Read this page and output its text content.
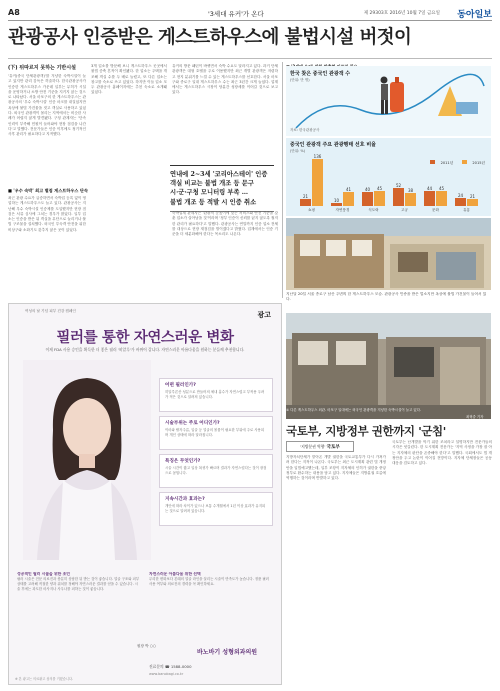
A8	'3세대 유커'가 온다	제 29303호 2016년 10월 7일 금요일 동아일보
관광공사 인증받은 게스트하우스에 불법시설 버젓이
(下) 뒤따르지 못하는 기반시설
'유커(중국 단체관광객)'를 겨냥한 숙박시설이 늘고 있지만 관리 감독은 허술하다. 한국관광공사가 인증한 게스트하우스 가운데 일부는 무허가 시설을 운영하거나 소방 안전 기준을 지키지 않는 것으로 나타났다. 서울 마포구의 한 게스트하우스는 관광공사의 '우수 숙박시설' 인증 마크를 내걸었지만 옥상에 불법 가건물을 짓고 객실로 사용하고 있었다. 외국인 관광객이 몰리는 지역에서는 비슷한 사례가 어렵지 않게 발견됐다. 구청 관계자는 '단속 인력이 부족해 민원이 들어와야 현장 점검을 나간다'고 말했다. 전문가들은 인증 이후에도 정기적인 사후 관리가 필요하다고 지적했다.
■ '우수 숙박' 최고 별점 게스트하우스 단속
최근 관광 수요가 급증하면서 숙박업 등록 없이 영업하는 게스트하우스도 늘고 있다. 관광공사는 지난해 우수 숙박시설 인증제를 도입했지만 현장 점검은 서류 심사에 그치는 경우가 많았다. 일부 업소는 인증을 받은 뒤 객실을 무단으로 늘리거나 불법 구조물을 설치했다. 외국인 투숙객 안전을 위한 비상구와 소화기도 갖추지 않은 곳이 있었다.
3개 업소를 방문해 보니 게스트하우스 곳곳에서 불법 증축 흔적이 확인됐다. 한 업소는 주택을 개조해 객실 수를 두 배로 늘렸고, 또 다른 업소는 창고를 숙소로 쓰고 있었다. 하지만 이들 업소 모두 관광공사 홈페이지에는 추천 숙소로 소개돼 있었다.
유커의 방문 패턴이 바뀌면서 숙박 수요도 달라지고 있다. 과거 단체관광객은 대형 호텔을 주로 이용했지만 최근 개별 관광객은 저렴하고 현지 분위기를 느낄 수 있는 게스트하우스를 선호한다. 서울 마포구와 종로구 일대 게스트하우스 수는 최근 3년간 크게 늘었다. 업계에서는 게스트하우스 시장이 당분간 성장세를 이어갈 것으로 보고 있다.

연내에 2~3세 '코리아스테이' 인증

객실 비교는 불법 개조 등 문구

시·군·구청 모니터링 부족 …

불법 개조 등 적발 시 인증 취소

숙박업계 관계자는 '관광객 눈높이에 맞는 서비스와 안전 기준을 갖춘 업소가 살아남을 것'이라며 '정부 인증이 신뢰를 잃지 않도록 철저한 관리가 필요하다'고 말했다. 관광공사는 연말까지 인증 업소 전체를 대상으로 현장 재점검을 벌이겠다고 밝혔다. 업계에서는 인증 기준을 더 세분화해야 한다는 목소리도 나온다.
한국 찾은 중국인 관광객 수
(단위: 만 명)
자료: 한국관광공사
중국인 관광객 주요 관광행태 선호 비율
(단위: %)
2011년	2015년
21
136
쇼핑
10
41
자연풍경
40	45
식도락
52
38
고궁
44	45
문화
24	21
유흥
지난달 20일 서울 종로구 남산 주변의 한 게스트하우스 모습. 관광공사 인증을 받은 업소지만 옥상에 불법 가건물이 들어서 있다.
① 다른 게스트하우스 외관. 마포구 일대에는 외국인 관광객을 겨냥한 숙박시설이 늘고 있다.
최혁중 기자
광고
여성의 날 기념 피부 건강 캠페인
필러를 통한 자연스러운 변화
이제 FDA 사용 승인을 획득한 더 좋은 필러 '히알루'가 바뀌어 갑니다. 자연스러운 아름다움을 원하는 분들께 추천합니다.
어떤 필러인가?
히알루론산 성분으로 만들어져 체내 흡수가 자연스럽고 부작용 우려가 적은 것으로 알려져 있습니다.
시술부위는 주로 어디인가?
이마와 팔자주름, 입술 등 얼굴의 볼륨이 필요한 부위에 주로 사용되며 개인 상태에 따라 달라집니다.
특징은 무엇인가?
시술 시간이 짧고 일상 복귀가 빠르며 결과가 자연스럽다는 것이 장점으로 꼽힙니다.
지속시간과 효과는?
개인에 따라 차이가 있으나 보통 수개월에서 1년 이상 효과가 유지되는 것으로 알려져 있습니다.
성공적인 필러 시술을 위한 조언
필러 시술은 전문 의료진과 충분히 상담한 뒤 받는 것이 좋습니다. 얼굴 구조와 피부 상태를 고려해 적절한 양과 위치를 정해야 자연스러운 결과를 얻을 수 있습니다. 시술 후에는 과도한 마사지나 사우나를 피하는 것이 좋습니다.
자연스러운 아름다움 위한 선택
무리한 변화보다 본래의 얼굴 라인을 살리는 시술이 만족도가 높습니다. 정품 필러 사용 여부와 의료진의 경력을 꼭 확인하세요.
원장 박 ○○
바노바기 성형외과의원
진료문의 ☎ 1588-0000
www.banobagi.co.kr
※ 본 광고는 의료광고 심의를 거쳤습니다.
국토부, 지방정부 권한까지 '군침'
'지방분권 역행' 국토부
지방자치단체가 맡아온 개발 권한을 국토교통부가 다시 가져가려 한다는 지적이 나온다. 국토부는 최근 도시계획 관련 법 개정안을 입법예고했는데, 일부 조항이 지자체의 인허가 권한을 중앙정부로 환수하는 내용을 담고 있다. 지자체들은 지방분권 흐름에 역행하는 것이라며 반발하고 있다.
국토부는 난개발을 막기 위한 조치라고 설명하지만 전문가들의 시각은 엇갈린다. 한 도시계획 전문가는 '지역 사정을 가장 잘 아는 지자체의 판단을 존중해야 한다'고 말했다. 국회에서도 법 개정안을 두고 논란이 이어질 전망이다. 지자체 단체장들은 공동 대응을 검토하고 있다.
